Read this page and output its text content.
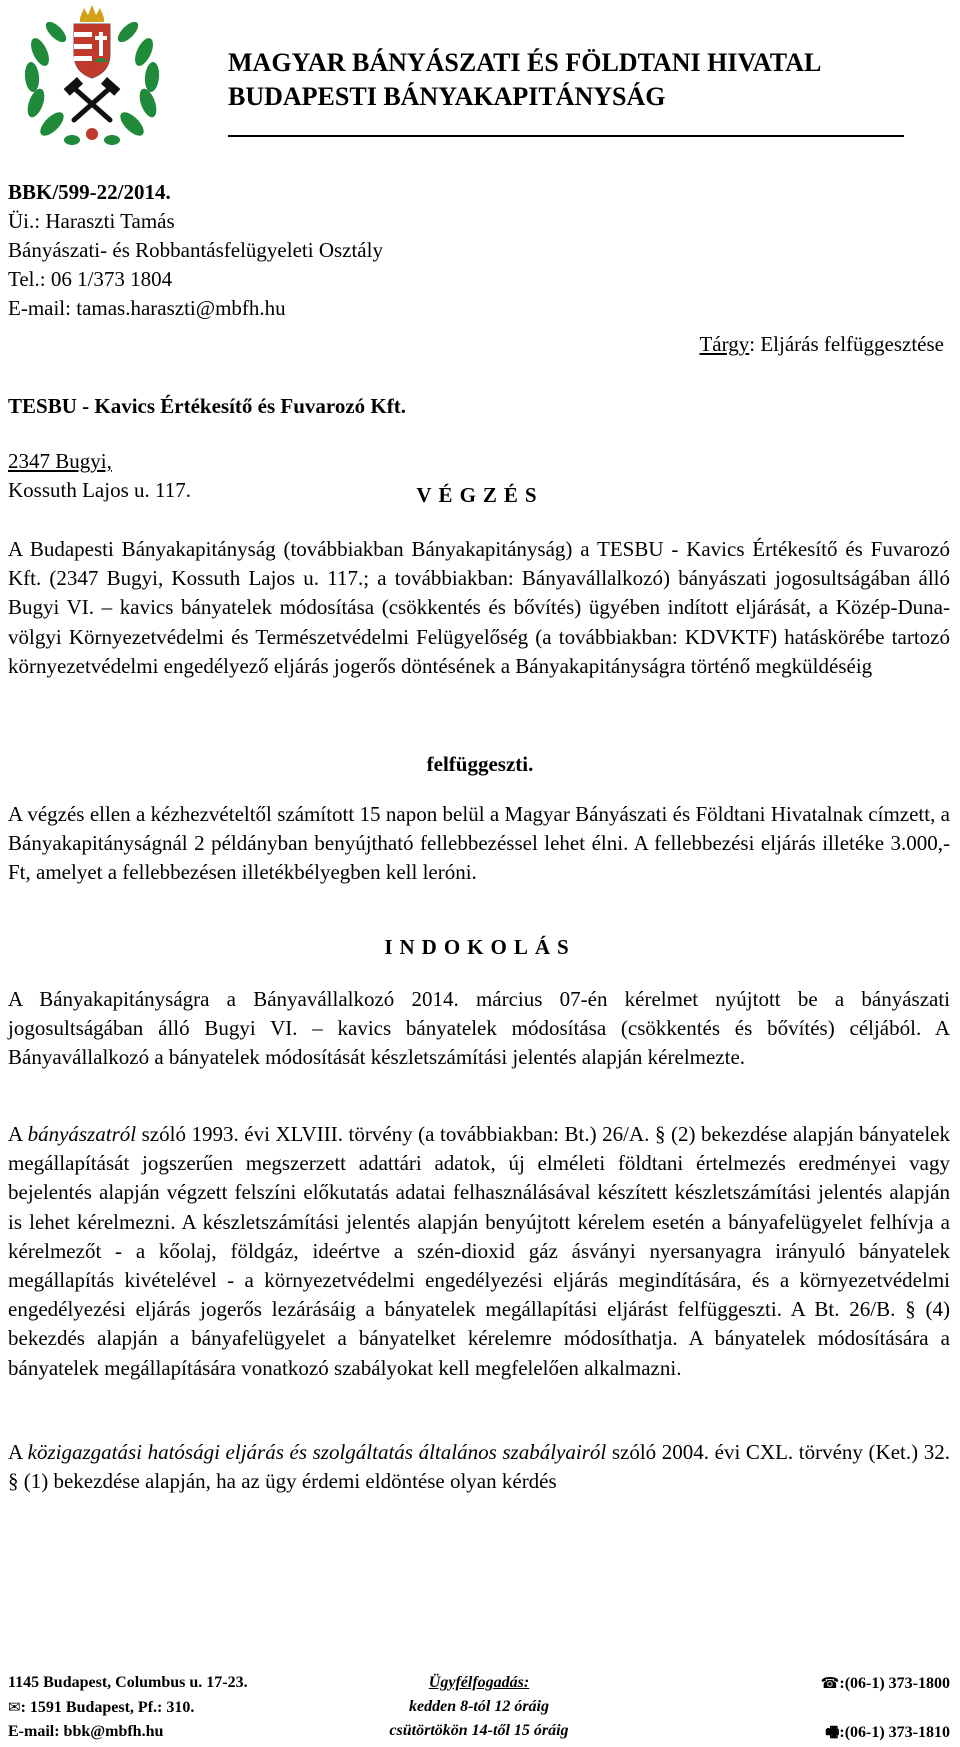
MAGYAR BÁNYÁSZATI ÉS FÖLDTANI HIVATAL
BUDAPESTI BÁNYAKAPITÁNYSÁG
BBK/599-22/2014.
Üi.: Haraszti Tamás
Bányászati- és Robbantásfelügyeleti Osztály
Tel.: 06 1/373 1804
E-mail: tamas.haraszti@mbfh.hu
Tárgy: Eljárás felfüggesztése
TESBU - Kavics Értékesítő és Fuvarozó Kft.
2347 Bugyi,
Kossuth Lajos u. 117.	VÉGZÉS
A Budapesti Bányakapitányság (továbbiakban Bányakapitányság) a TESBU - Kavics Értékesítő és Fuvarozó Kft. (2347 Bugyi, Kossuth Lajos u. 117.; a továbbiakban: Bányavállalkozó) bányászati jogosultságában álló Bugyi VI. – kavics bányatelek módosítása (csökkentés és bővítés) ügyében indított eljárását, a Közép-Duna-völgyi Környezetvédelmi és Természetvédelmi Felügyelőség (a továbbiakban: KDVKTF) hatáskörébe tartozó környezetvédelmi engedélyező eljárás jogerős döntésének a Bányakapitányságra történő megküldéséig
felfüggeszti.
A végzés ellen a kézhezvételtől számított 15 napon belül a Magyar Bányászati és Földtani Hivatalnak címzett, a Bányakapitányságnál 2 példányban benyújtható fellebbezéssel lehet élni. A fellebbezési eljárás illetéke 3.000,- Ft, amelyet a fellebbezésen illetékbélyegben kell leróni.
INDOKOLÁS
A Bányakapitányságra a Bányavállalkozó 2014. március 07-én kérelmet nyújtott be a bányászati jogosultságában álló Bugyi VI. – kavics bányatelek módosítása (csökkentés és bővítés) céljából. A Bányavállalkozó a bányatelek módosítását készletszámítási jelentés alapján kérelmezte.
A bányászatról szóló 1993. évi XLVIII. törvény (a továbbiakban: Bt.) 26/A. § (2) bekezdése alapján bányatelek megállapítását jogszerűen megszerzett adattári adatok, új elméleti földtani értelmezés eredményei vagy bejelentés alapján végzett felszíni előkutatás adatai felhasználásával készített készletszámítási jelentés alapján is lehet kérelmezni. A készletszámítási jelentés alapján benyújtott kérelem esetén a bányafelügyelet felhívja a kérelmezőt - a kőolaj, földgáz, ideértve a szén-dioxid gáz ásványi nyersanyagra irányuló bányatelek megállapítás kivételével - a környezetvédelmi engedélyezési eljárás megindítására, és a környezetvédelmi engedélyezési eljárás jogerős lezárásáig a bányatelek megállapítási eljárást felfüggeszti. A Bt. 26/B. § (4) bekezdés alapján a bányafelügyelet a bányatelket kérelemre módosíthatja. A bányatelek módosítására a bányatelek megállapítására vonatkozó szabályokat kell megfelelően alkalmazni.
A közigazgatási hatósági eljárás és szolgáltatás általános szabályairól szóló 2004. évi CXL. törvény (Ket.) 32. § (1) bekezdése alapján, ha az ügy érdemi eldöntése olyan kérdés
Ügyfélfogadás:
kedden 8-tól 12 óráig
csütörtökön 14-től 15 óráig
1145 Budapest, Columbus u. 17-23.
✉: 1591 Budapest, Pf.: 310.
E-mail: bbk@mbfh.hu
☎:(06-1) 373-1800

🖷:(06-1) 373-1810
